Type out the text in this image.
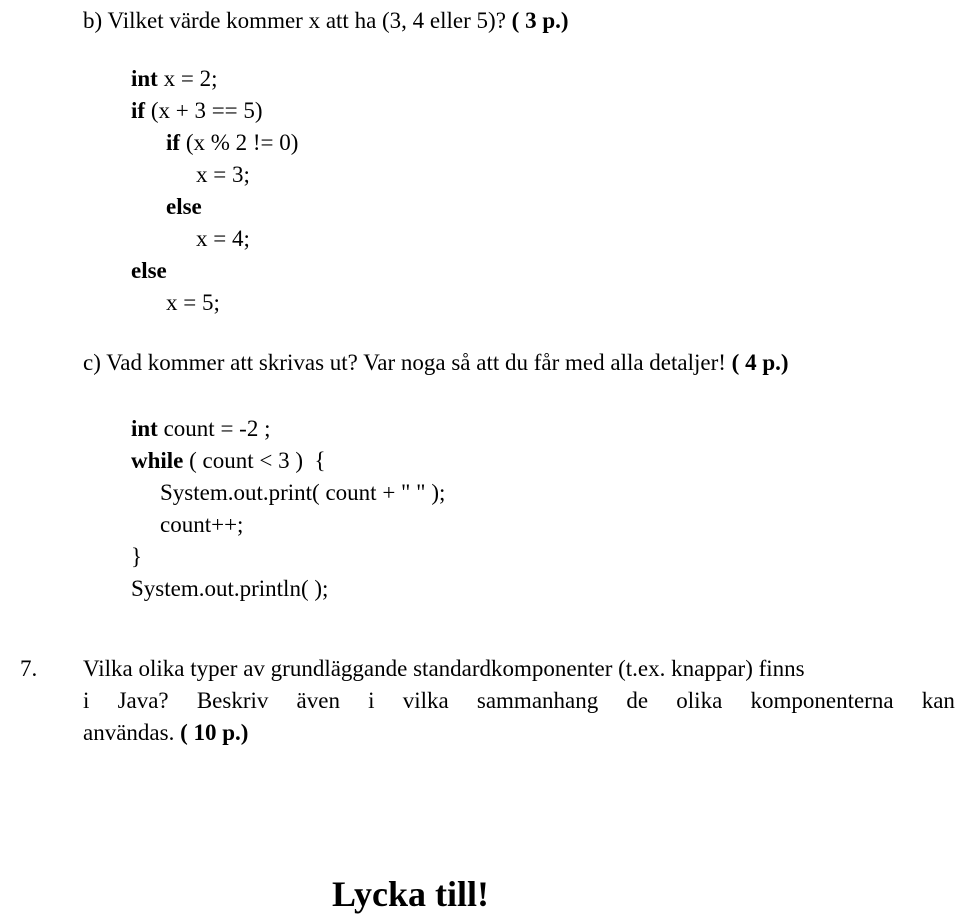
b) Vilket värde kommer x att ha (3, 4 eller 5)? ( 3 p.)
int x = 2;
if (x + 3 == 5)
if (x % 2 != 0)
x = 3;
else
x = 4;
else
x = 5;
c) Vad kommer att skrivas ut? Var noga så att du får med alla detaljer! ( 4 p.)
int count = -2 ;
while ( count < 3 )  {
System.out.print( count + " " );
count++;
}
System.out.println( );
7. Vilka olika typer av grundläggande standardkomponenter (t.ex. knappar) finns
i Java? Beskriv även i vilka sammanhang de olika komponenterna kan
användas. ( 10 p.)
Lycka till!
